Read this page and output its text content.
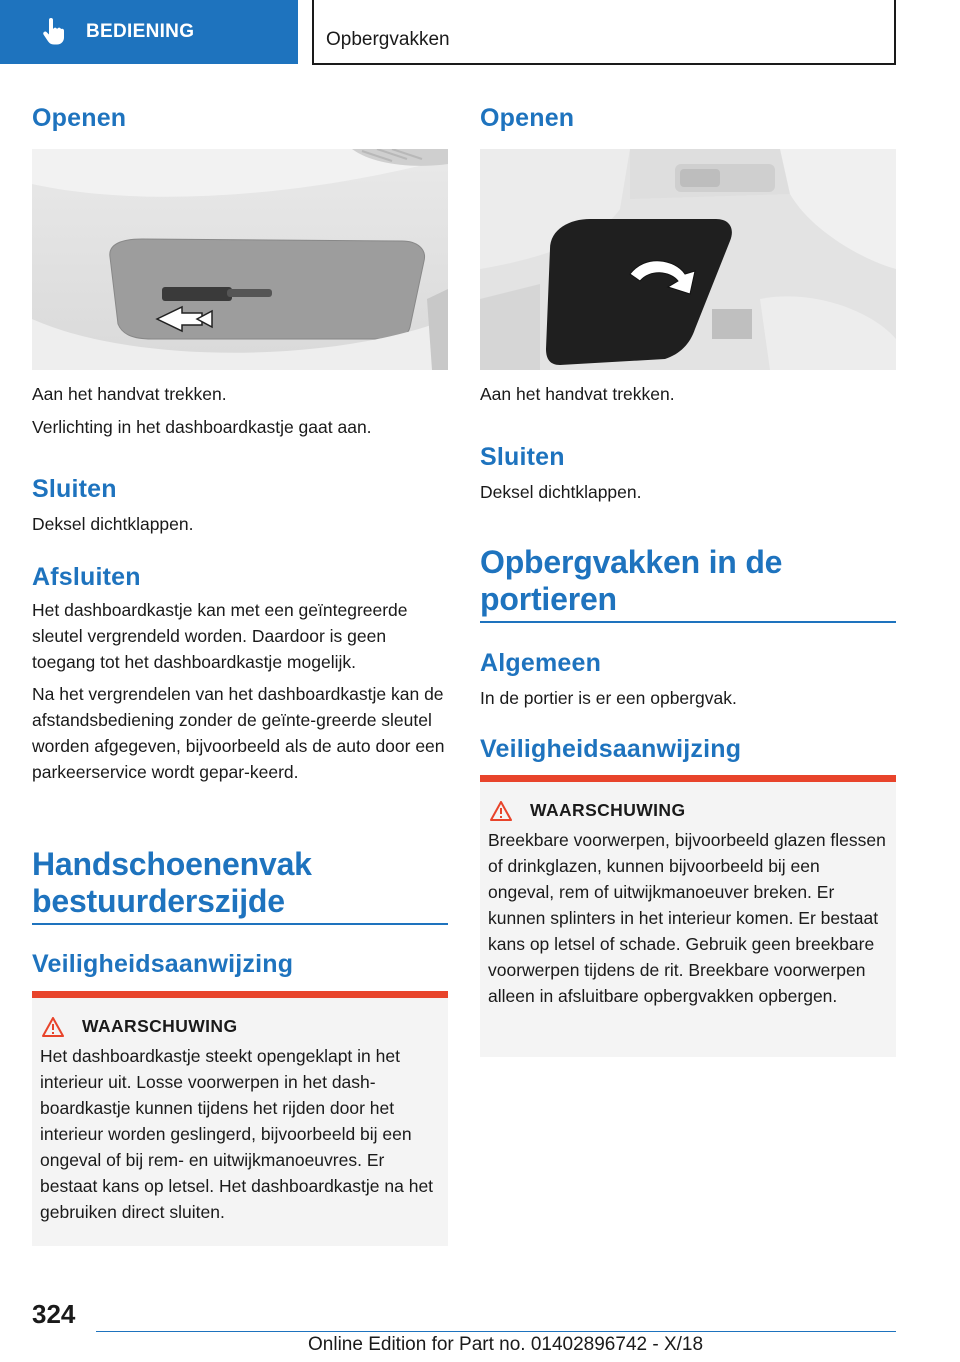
BEDIENING	Opbergvakken
Openen
Aan het handvat trekken.
Verlichting in het dashboardkastje gaat aan.
Sluiten
Deksel dichtklappen.
Afsluiten
Het dashboardkastje kan met een geïntegreerde sleutel vergrendeld worden. Daardoor is geen toegang tot het dashboardkastje mogelijk.
Na het vergrendelen van het dashboardkastje kan de afstandsbediening zonder de geïnte-greerde sleutel worden afgegeven, bijvoorbeeld als de auto door een parkeerservice wordt gepar-keerd.
Handschoenenvak bestuurderszijde
Veiligheidsaanwijzing
WAARSCHUWING
Het dashboardkastje steekt opengeklapt in het interieur uit. Losse voorwerpen in het dash-boardkastje kunnen tijdens het rijden door het interieur worden geslingerd, bijvoorbeeld bij een ongeval of bij rem- en uitwijkmanoeuvres. Er bestaat kans op letsel. Het dashboardkastje na het gebruiken direct sluiten.
Openen
Aan het handvat trekken.
Sluiten
Deksel dichtklappen.
Opbergvakken in de portieren
Algemeen
In de portier is er een opbergvak.
Veiligheidsaanwijzing
WAARSCHUWING
Breekbare voorwerpen, bijvoorbeeld glazen flessen of drinkglazen, kunnen bijvoorbeeld bij een ongeval, rem of uitwijkmanoeuver breken. Er kunnen splinters in het interieur komen. Er bestaat kans op letsel of schade. Gebruik geen breekbare voorwerpen tijdens de rit. Breekbare voorwerpen alleen in afsluitbare opbergvakken opbergen.
324
Online Edition for Part no. 01402896742 - X/18
